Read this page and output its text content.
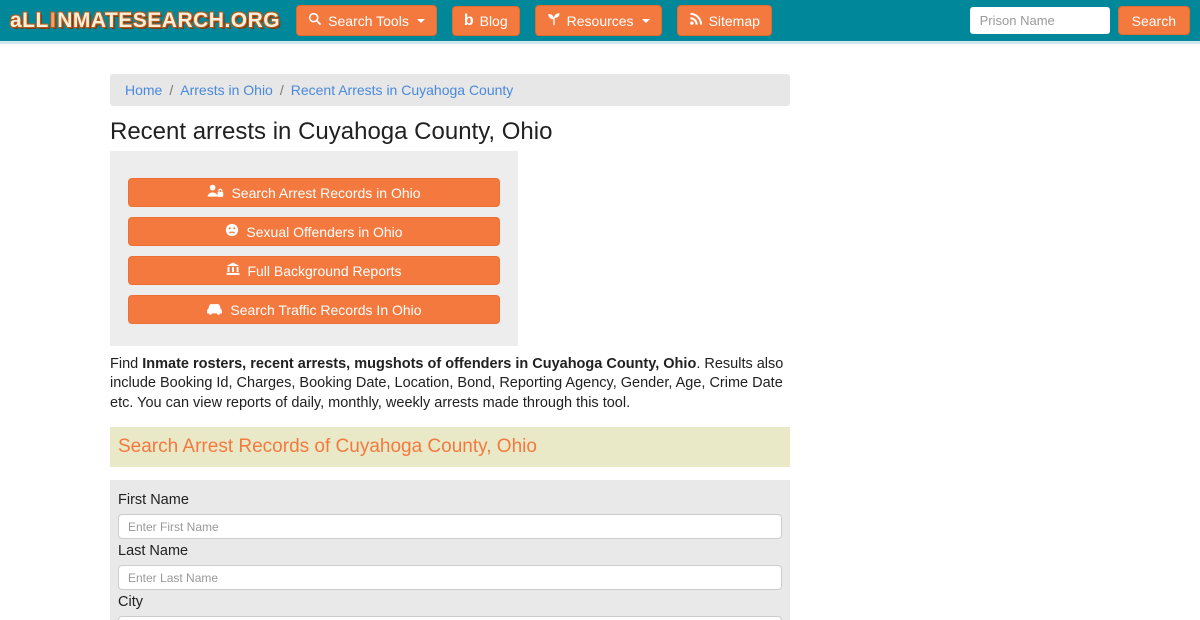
aLL I NMATESEARCH.ORG	Search Tools	b Blog	Resources	Sitemap
Prison Name	Search
Home / Arrests in Ohio / Recent Arrests in Cuyahoga County
Recent arrests in Cuyahoga County, Ohio
Search Arrest Records in Ohio
Sexual Offenders in Ohio
Full Background Reports
Search Traffic Records In Ohio

Find Inmate rosters, recent arrests, mugshots of offenders in Cuyahoga County, Ohio. Results also include Booking Id, Charges, Booking Date, Location, Bond, Reporting Agency, Gender, Age, Crime Date etc. You can view reports of daily, monthly, weekly arrests made through this tool.

Search Arrest Records of Cuyahoga County, Ohio
First Name
Enter First Name
Last Name
Enter Last Name
City
Enter City Name
